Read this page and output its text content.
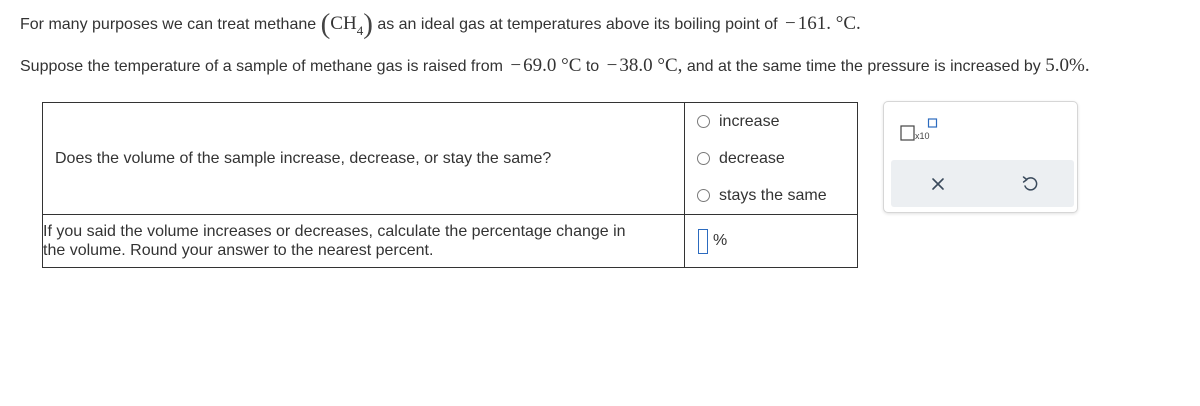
For many purposes we can treat methane $(CH_4)$ as an ideal gas at temperatures above its boiling point of − 161. °C.
Suppose the temperature of a sample of methane gas is raised from − 69.0 °C to − 38.0 °C, and at the same time the pressure is increased by 5.0%.
Does the volume of the sample increase, decrease, or stay the same?	increase
decrease
stays the same

If you said the volume increases or decreases, calculate the percentage change in
the volume. Round your answer to the nearest percent.	%
x10
